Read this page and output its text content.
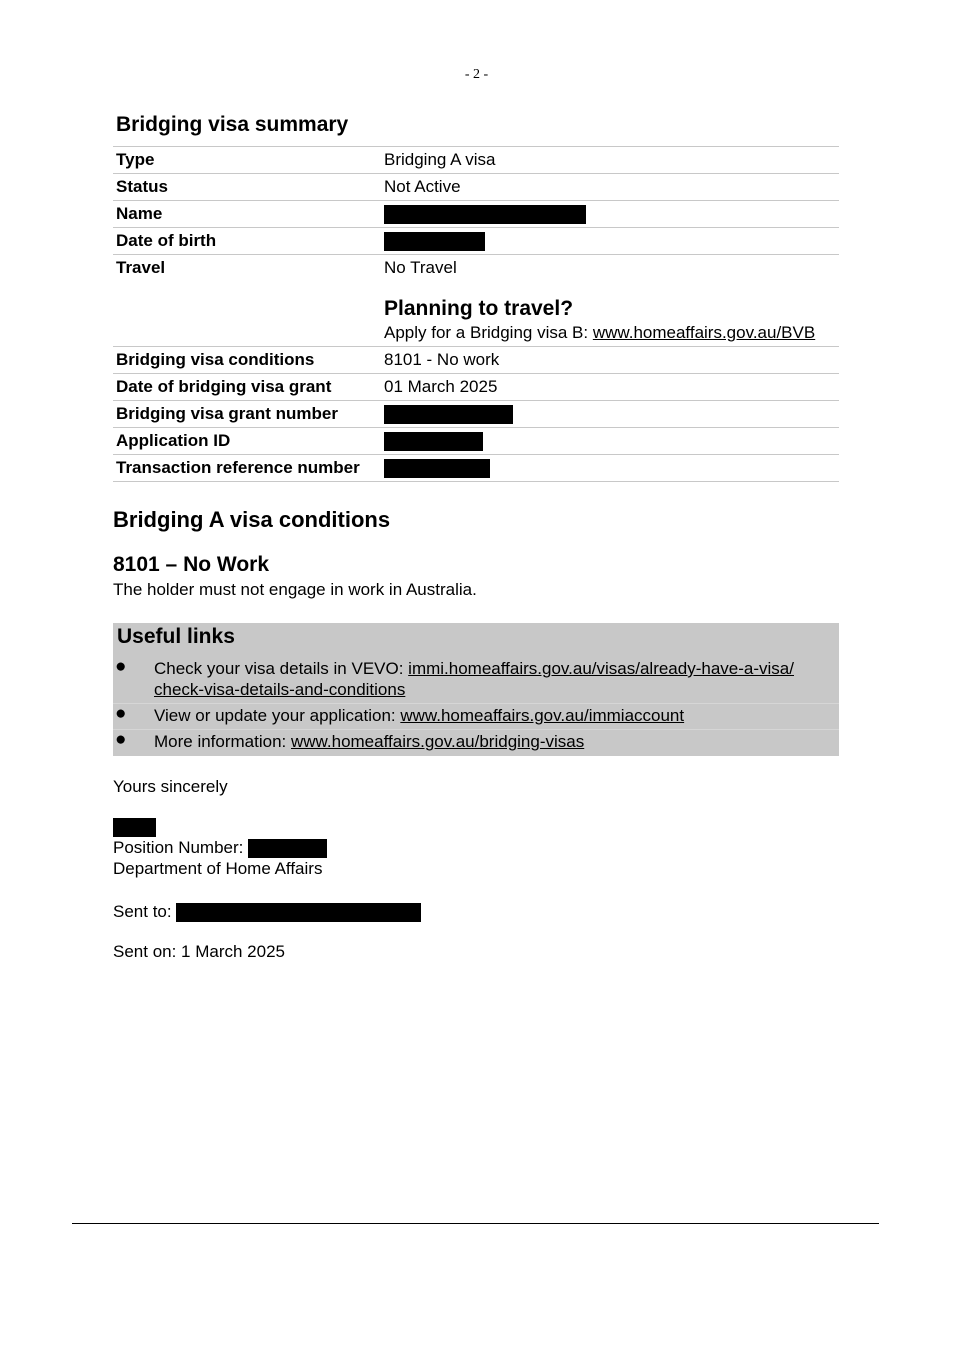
- 2 -
Bridging visa summary
Type	Bridging A visa
Status	Not Active
Name
Date of birth
Travel	No Travel
Planning to travel?
Apply for a Bridging visa B: www.homeaffairs.gov.au/BVB
Bridging visa conditions	8101 - No work
Date of bridging visa grant	01 March 2025
Bridging visa grant number
Application ID
Transaction reference number
Bridging A visa conditions
8101 – No Work

The holder must not engage in work in Australia.

Useful links
● Check your visa details in VEVO: immi.homeaffairs.gov.au/visas/already-have-a-visa/
check-visa-details-and-conditions
● View or update your application: www.homeaffairs.gov.au/immiaccount
● More information: www.homeaffairs.gov.au/bridging-visas
Yours sincerely
Position Number:
Department of Home Affairs
Sent to:
Sent on: 1 March 2025
